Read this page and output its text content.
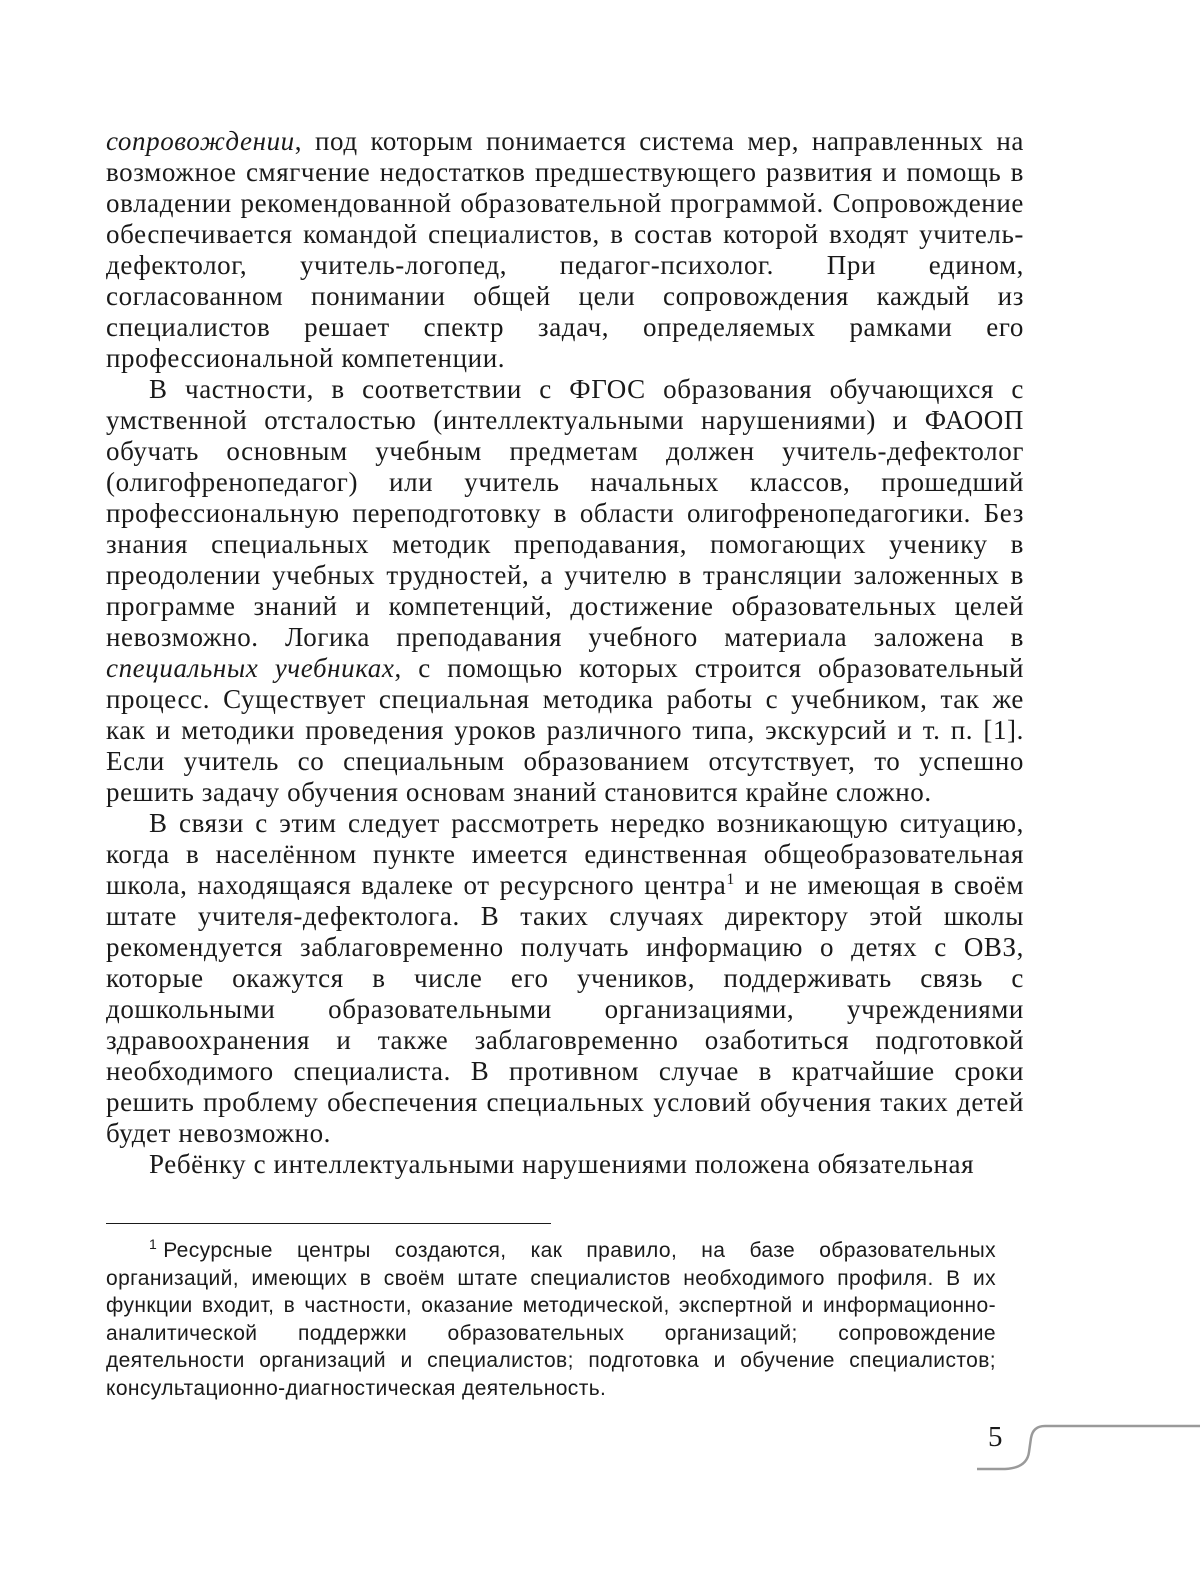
сопровождении, под которым понимается система мер, направленных на возможное смягчение недостатков предшествующего развития и помощь в овладении рекомендованной образовательной программой. Сопровождение обеспечивается командой специалистов, в состав которой входят учитель-дефектолог, учитель-логопед, педагог-психолог. При едином, согласованном понимании общей цели сопровождения каждый из специалистов решает спектр задач, определяемых рамками его профессиональной компетенции.

В частности, в соответствии с ФГОС образования обучающихся с умственной отсталостью (интеллектуальными нарушениями) и ФАООП обучать основным учебным предметам должен учитель-дефектолог (олигофренопедагог) или учитель начальных классов, прошедший профессиональную переподготовку в области олигофренопедагогики. Без знания специальных методик преподавания, помогающих ученику в преодолении учебных трудностей, а учителю в трансляции заложенных в программе знаний и компетенций, достижение образовательных целей невозможно. Логика преподавания учебного материала заложена в специальных учебниках, с помощью которых строится образовательный процесс. Существует специальная методика работы с учебником, так же как и методики проведения уроков различного типа, экскурсий и т. п. [1]. Если учитель со специальным образованием отсутствует, то успешно решить задачу обучения основам знаний становится крайне сложно.

В связи с этим следует рассмотреть нередко возникающую ситуацию, когда в населённом пункте имеется единственная общеобразовательная школа, находящаяся вдалеке от ресурсного центра$^1$ и не имеющая в своём штате учителя-дефектолога. В таких случаях директору этой школы рекомендуется заблаговременно получать информацию о детях с ОВЗ, которые окажутся в числе его учеников, поддерживать связь с дошкольными образовательными организациями, учреждениями здравоохранения и также заблаговременно озаботиться подготовкой необходимого специалиста. В противном случае в кратчайшие сроки решить проблему обеспечения специальных условий обучения таких детей будет невозможно.

Ребёнку с интеллектуальными нарушениями положена обязательная

$^1$ Ресурсные центры создаются, как правило, на базе образовательных организаций, имеющих в своём штате специалистов необходимого профиля. В их функции входит, в частности, оказание методической, экспертной и информационно-аналитической поддержки образовательных организаций; сопровождение деятельности организаций и специалистов; подготовка и обучение специалистов; консультационно-диагностическая деятельность.

5
